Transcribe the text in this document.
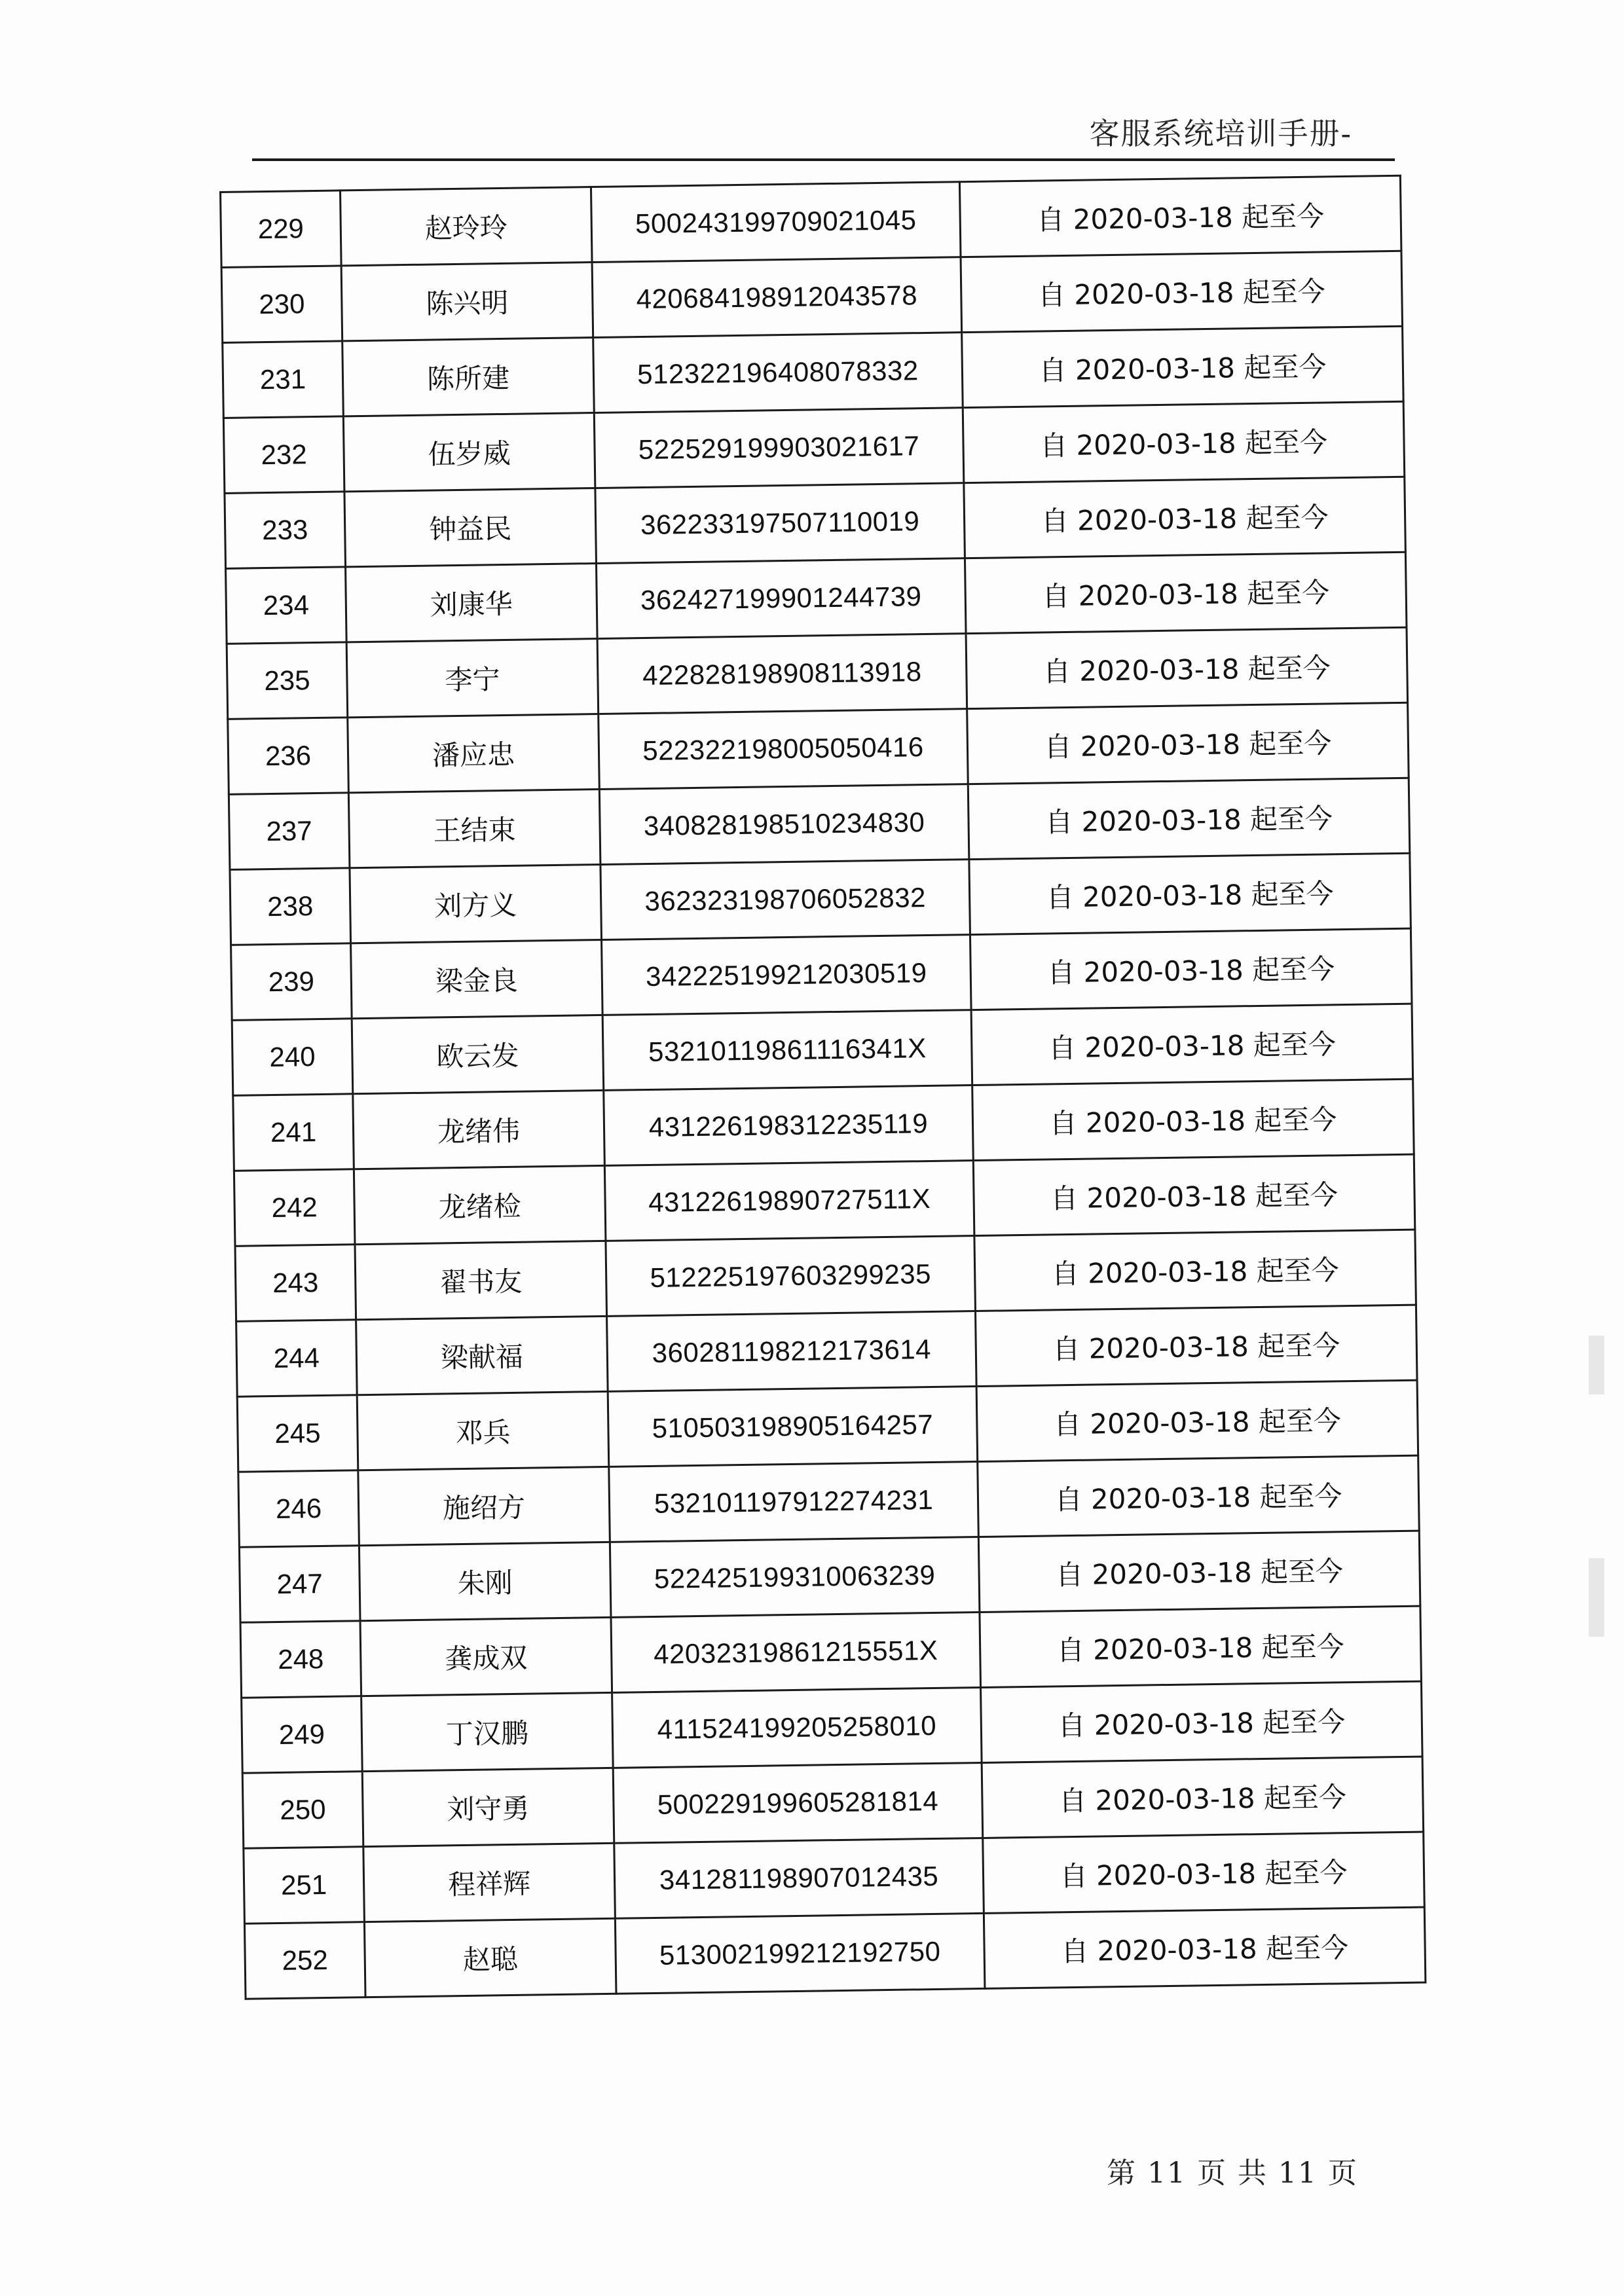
客服系统培训手册-
229	赵玲玲	500243199709021045	自 2020-03-18 起至今
230	陈兴明	420684198912043578	自 2020-03-18 起至今
231	陈所建	512322196408078332	自 2020-03-18 起至今
232	伍岁威	522529199903021617	自 2020-03-18 起至今
233	钟益民	362233197507110019	自 2020-03-18 起至今
234	刘康华	362427199901244739	自 2020-03-18 起至今
235	李宁	422828198908113918	自 2020-03-18 起至今
236	潘应忠	522322198005050416	自 2020-03-18 起至今
237	王结束	340828198510234830	自 2020-03-18 起至今
238	刘方义	362323198706052832	自 2020-03-18 起至今
239	梁金良	342225199212030519	自 2020-03-18 起至今
240	欧云发	53210119861116341X	自 2020-03-18 起至今
241	龙绪伟	431226198312235119	自 2020-03-18 起至今
242	龙绪检	43122619890727511X	自 2020-03-18 起至今
243	翟书友	512225197603299235	自 2020-03-18 起至今
244	梁献福	360281198212173614	自 2020-03-18 起至今
245	邓兵	510503198905164257	自 2020-03-18 起至今
246	施绍方	532101197912274231	自 2020-03-18 起至今
247	朱刚	522425199310063239	自 2020-03-18 起至今
248	龚成双	42032319861215551X	自 2020-03-18 起至今
249	丁汉鹏	411524199205258010	自 2020-03-18 起至今
250	刘守勇	500229199605281814	自 2020-03-18 起至今
251	程祥辉	341281198907012435	自 2020-03-18 起至今
252	赵聪	513002199212192750	自 2020-03-18 起至今
第 11 页 共 11 页
